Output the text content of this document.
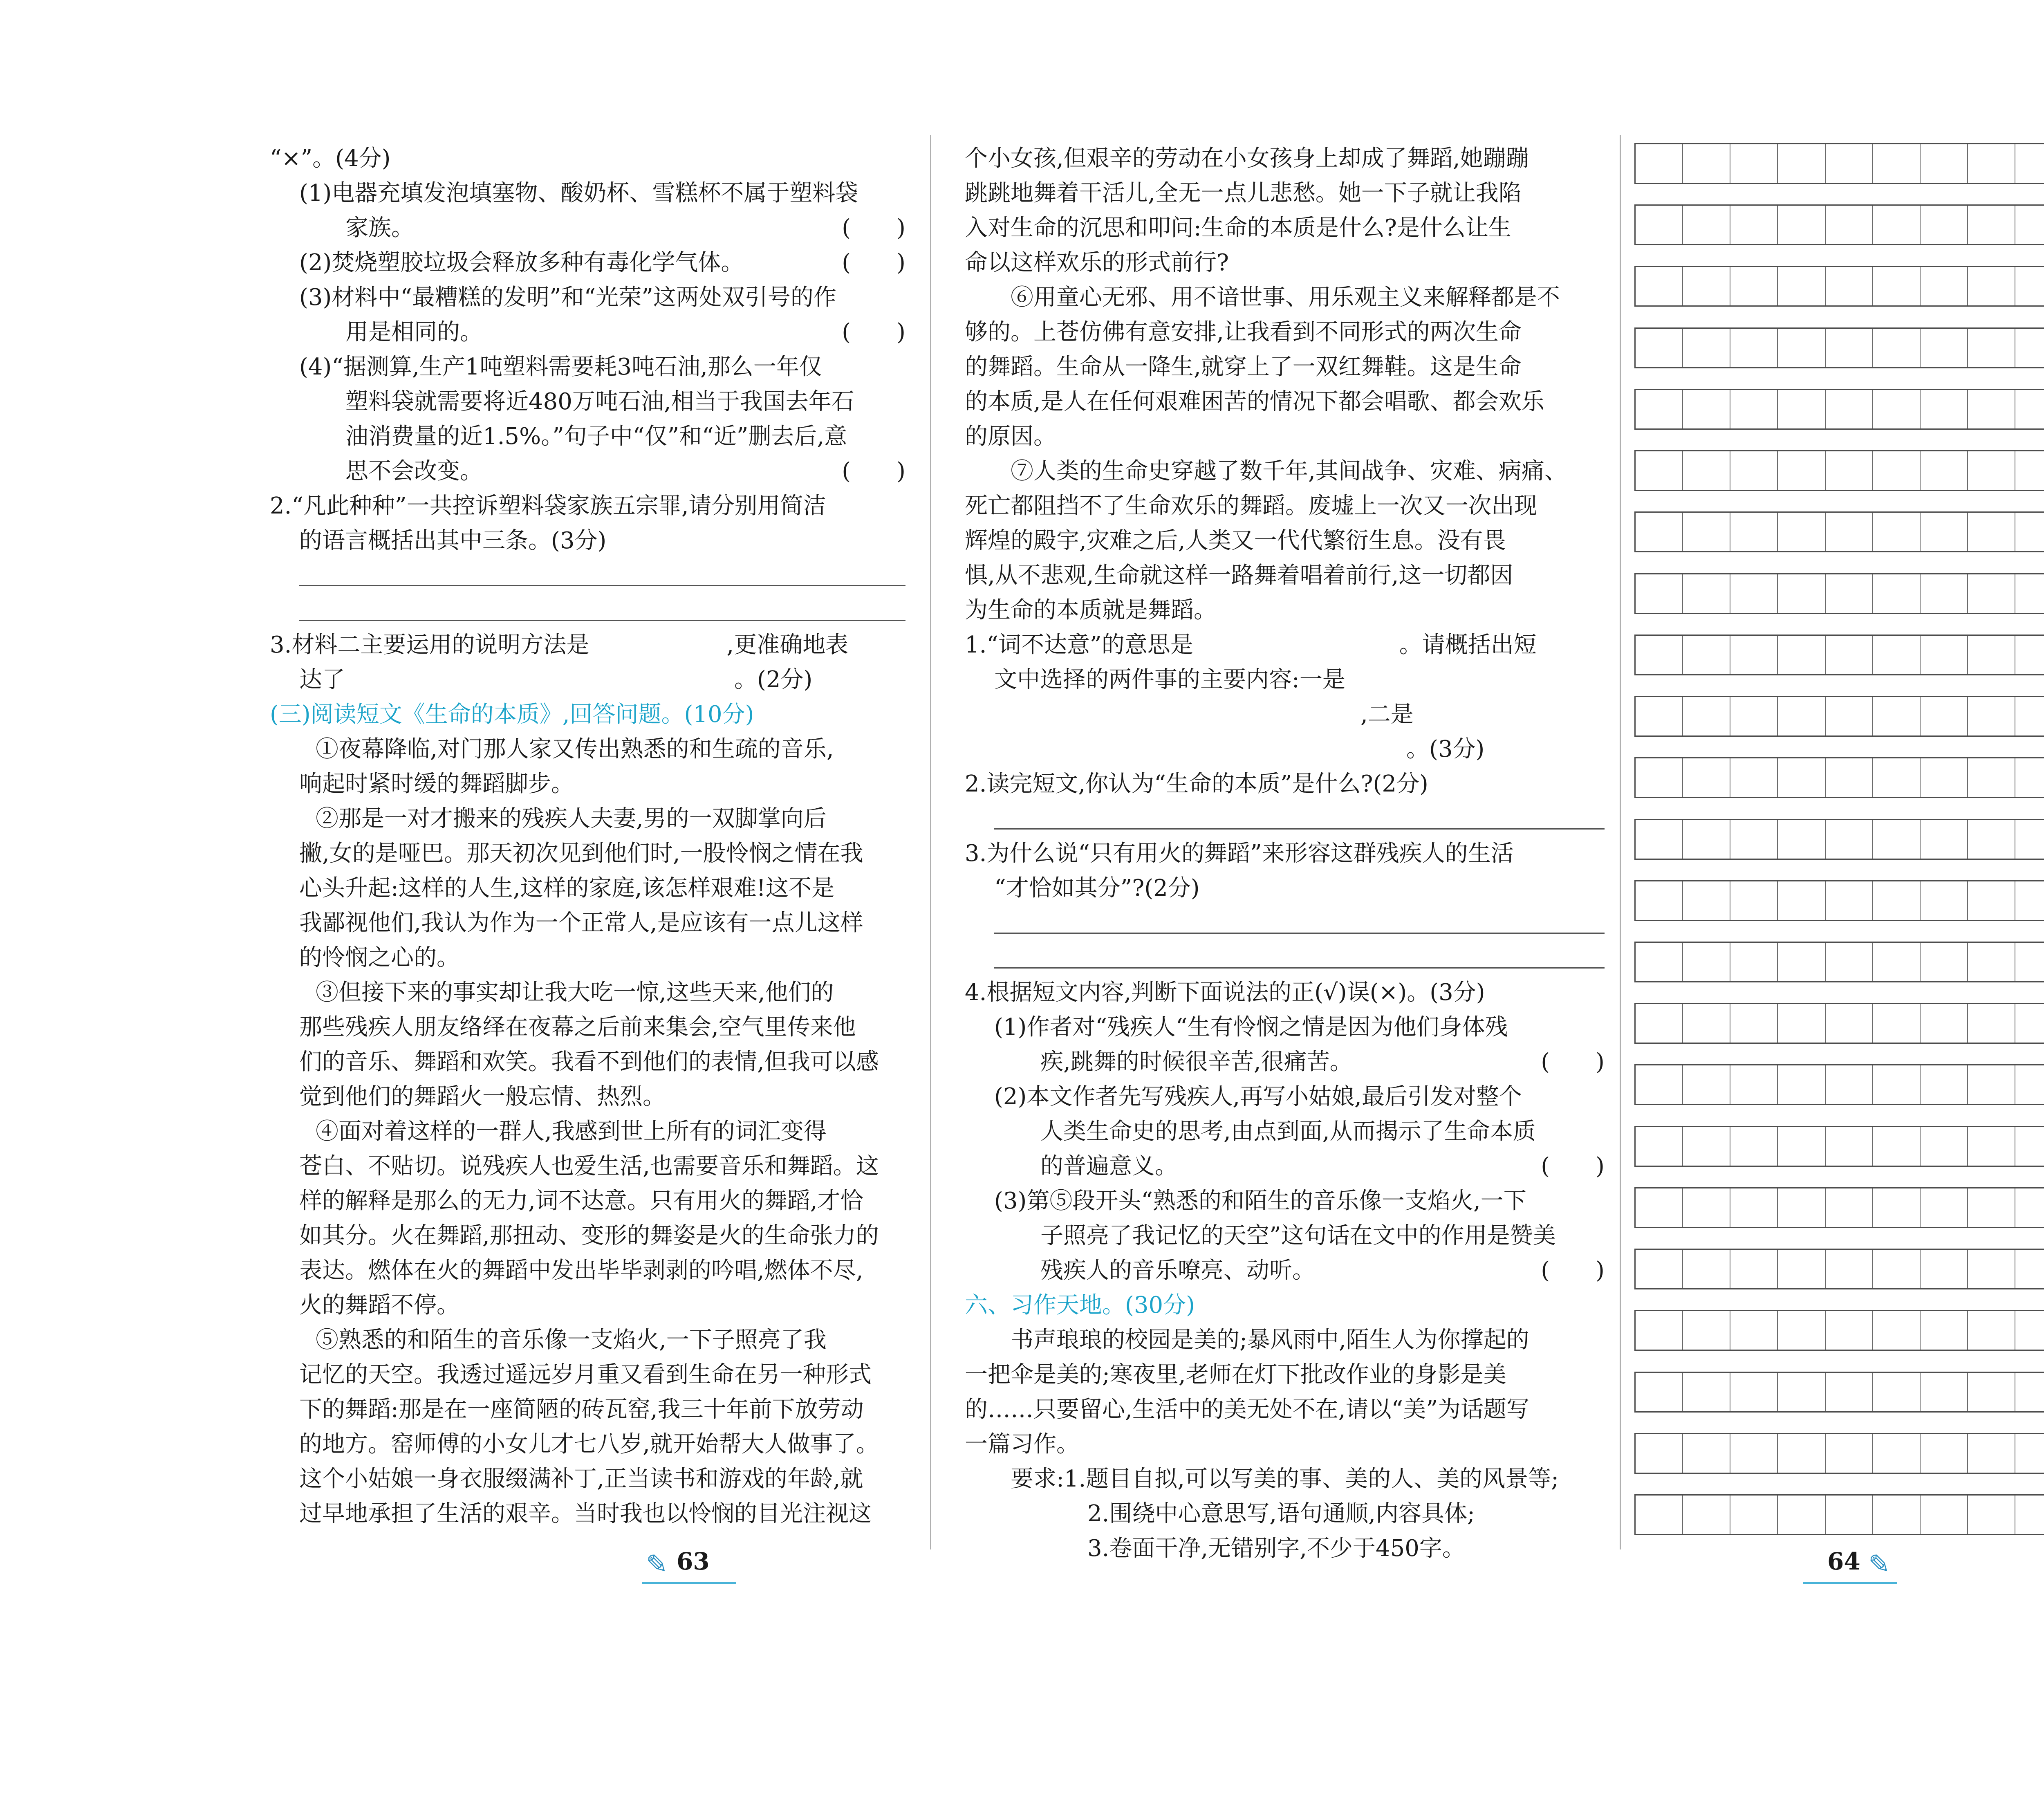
“×”。(4分)
(1)电器充填发泡填塞物、酸奶杯、雪糕杯不属于塑料袋
家族。	(　　)
(2)焚烧塑胶垃圾会释放多种有毒化学气体。	(　　)
(3)材料中“最糟糕的发明”和“光荣”这两处双引号的作
用是相同的。	(　　)
(4)“据测算,生产1吨塑料需要耗3吨石油,那么一年仅
塑料袋就需要将近480万吨石油,相当于我国去年石
油消费量的近1.5%。”句子中“仅”和“近”删去后,意
思不会改变。	(　　)
2.“凡此种种”一共控诉塑料袋家族五宗罪,请分别用简洁
的语言概括出其中三条。(3分)
3.材料二主要运用的说明方法是　　　　　　,更准确地表
达了　　　　　　　　　　　　　　　　　。(2分)
(三)阅读短文《生命的本质》,回答问题。(10分)
①夜幕降临,对门那人家又传出熟悉的和生疏的音乐,
响起时紧时缓的舞蹈脚步。
②那是一对才搬来的残疾人夫妻,男的一双脚掌向后
撇,女的是哑巴。那天初次见到他们时,一股怜悯之情在我
心头升起:这样的人生,这样的家庭,该怎样艰难!这不是
我鄙视他们,我认为作为一个正常人,是应该有一点儿这样
的怜悯之心的。
③但接下来的事实却让我大吃一惊,这些天来,他们的
那些残疾人朋友络绎在夜幕之后前来集会,空气里传来他
们的音乐、舞蹈和欢笑。我看不到他们的表情,但我可以感
觉到他们的舞蹈火一般忘情、热烈。
④面对着这样的一群人,我感到世上所有的词汇变得
苍白、不贴切。说残疾人也爱生活,也需要音乐和舞蹈。这
样的解释是那么的无力,词不达意。只有用火的舞蹈,才恰
如其分。火在舞蹈,那扭动、变形的舞姿是火的生命张力的
表达。燃体在火的舞蹈中发出毕毕剥剥的吟唱,燃体不尽,
火的舞蹈不停。
⑤熟悉的和陌生的音乐像一支焰火,一下子照亮了我
记忆的天空。我透过遥远岁月重又看到生命在另一种形式
下的舞蹈:那是在一座简陋的砖瓦窑,我三十年前下放劳动
的地方。窑师傅的小女儿才七八岁,就开始帮大人做事了。
这个小姑娘一身衣服缀满补丁,正当读书和游戏的年龄,就
过早地承担了生活的艰辛。当时我也以怜悯的目光注视这
个小女孩,但艰辛的劳动在小女孩身上却成了舞蹈,她蹦蹦
跳跳地舞着干活儿,全无一点儿悲愁。她一下子就让我陷
入对生命的沉思和叩问:生命的本质是什么?是什么让生
命以这样欢乐的形式前行?
⑥用童心无邪、用不谙世事、用乐观主义来解释都是不
够的。上苍仿佛有意安排,让我看到不同形式的两次生命
的舞蹈。生命从一降生,就穿上了一双红舞鞋。这是生命
的本质,是人在任何艰难困苦的情况下都会唱歌、都会欢乐
的原因。
⑦人类的生命史穿越了数千年,其间战争、灾难、病痛、
死亡都阻挡不了生命欢乐的舞蹈。废墟上一次又一次出现
辉煌的殿宇,灾难之后,人类又一代代繁衍生息。没有畏
惧,从不悲观,生命就这样一路舞着唱着前行,这一切都因
为生命的本质就是舞蹈。
1.“词不达意”的意思是　　　　　　　　　。请概括出短
文中选择的两件事的主要内容:一是　　　　　　　　　
　　　　　　　　　　　　　　　　,二是　　　　　　　
　　　　　　　　　　　　　　　　　　。(3分)
2.读完短文,你认为“生命的本质”是什么?(2分)
3.为什么说“只有用火的舞蹈”来形容这群残疾人的生活
“才恰如其分”?(2分)
4.根据短文内容,判断下面说法的正(√)误(×)。(3分)
(1)作者对“残疾人“生有怜悯之情是因为他们身体残
疾,跳舞的时候很辛苦,很痛苦。	(　　)
(2)本文作者先写残疾人,再写小姑娘,最后引发对整个
人类生命史的思考,由点到面,从而揭示了生命本质
的普遍意义。	(　　)
(3)第⑤段开头“熟悉的和陌生的音乐像一支焰火,一下
子照亮了我记忆的天空”这句话在文中的作用是赞美
残疾人的音乐嘹亮、动听。	(　　)
六、习作天地。(30分)
书声琅琅的校园是美的;暴风雨中,陌生人为你撑起的
一把伞是美的;寒夜里,老师在灯下批改作业的身影是美
的……只要留心,生活中的美无处不在,请以“美”为话题写
一篇习作。
要求:1.题目自拟,可以写美的事、美的人、美的风景等;
2.围绕中心意思写,语句通顺,内容具体;
3.卷面干净,无错别字,不少于450字。
✎ 63	64 ✎
